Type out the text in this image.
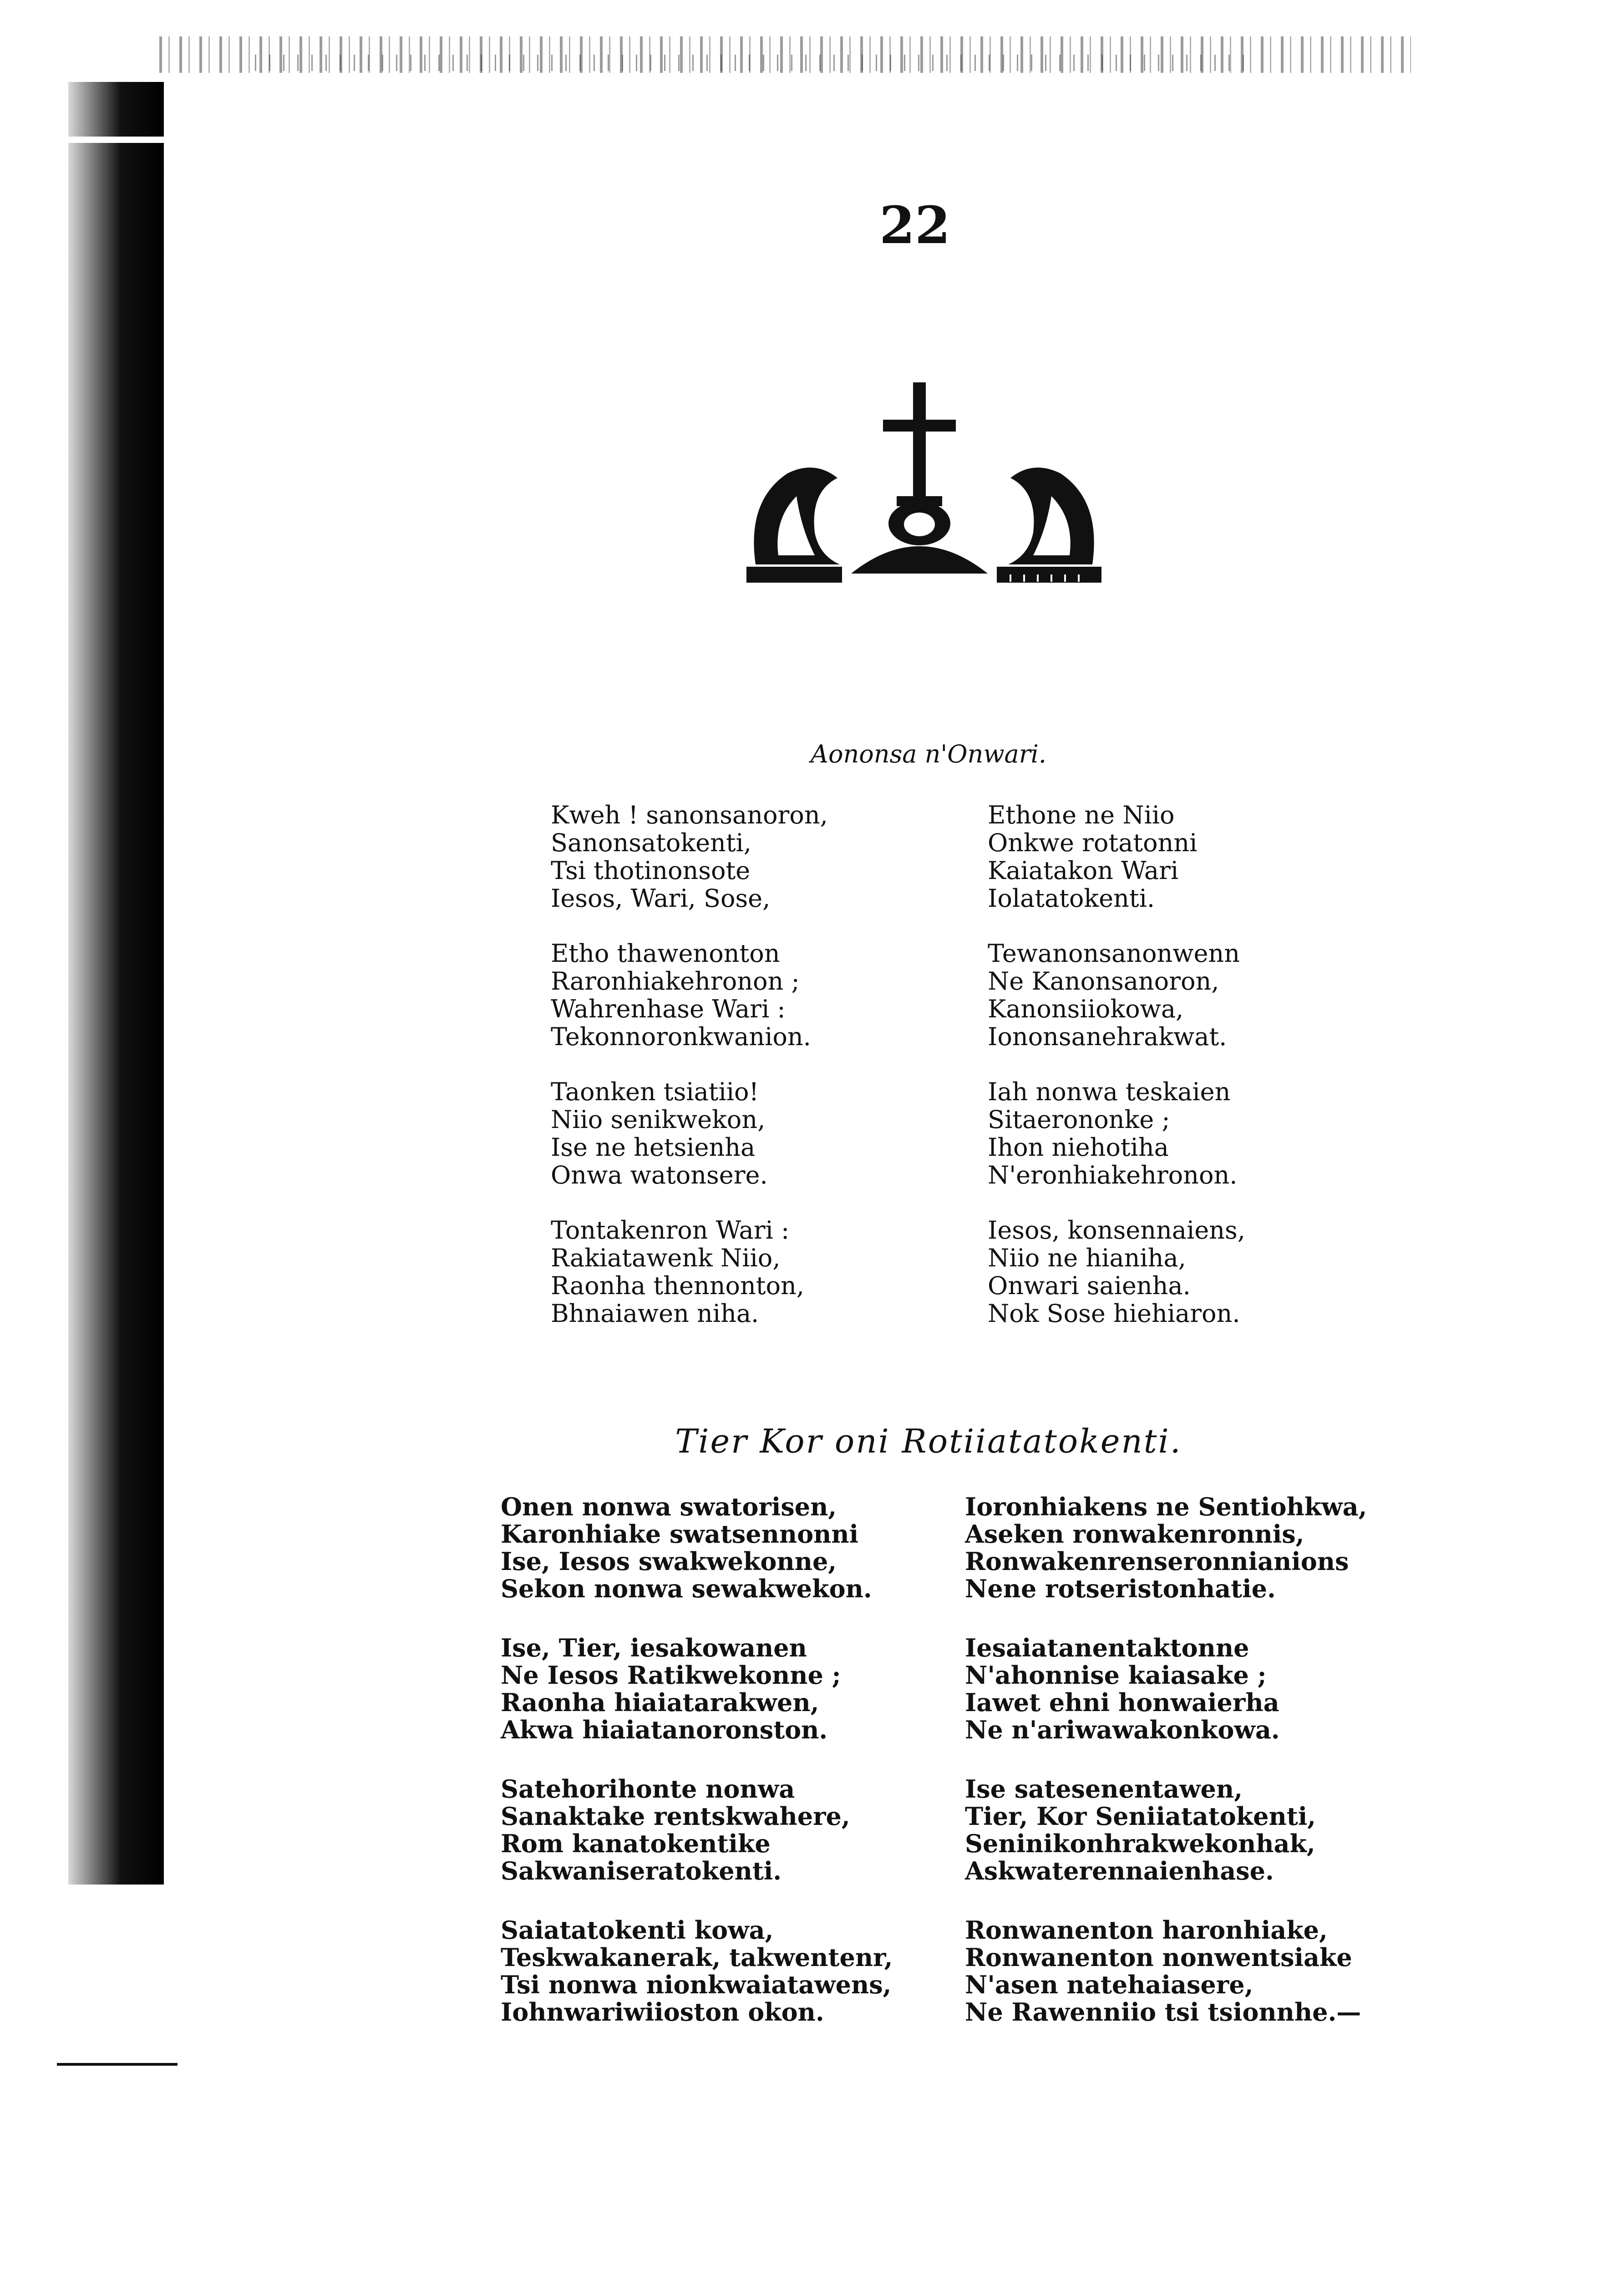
22
Aononsa n'Onwari.
Kweh ! sanonsanoron,
Sanonsatokenti,
Tsi thotinonsote
Iesos, Wari, Sose,
Etho thawenonton
Raronhiakehronon ;
Wahrenhase Wari :
Tekonnoronkwanion.
Taonken tsiatiio!
Niio senikwekon,
Ise ne hetsienha
Onwa watonsere.
Tontakenron Wari :
Rakiatawenk Niio,
Raonha thennonton,
Bhnaiawen niha.
Ethone ne Niio
Onkwe rotatonni
Kaiatakon Wari
Iolatatokenti.
Tewanonsanonwenn
Ne Kanonsanoron,
Kanonsiiokowa,
Iononsanehrakwat.
Iah nonwa teskaien
Sitaerononke ;
Ihon niehotiha
N'eronhiakehronon.
Iesos, konsennaiens,
Niio ne hianiha,
Onwari saienha.
Nok Sose hiehiaron.
Tier Kor oni Rotiiatatokenti.
Onen nonwa swatorisen,
Karonhiake swatsennonni
Ise, Iesos swakwekonne,
Sekon nonwa sewakwekon.
Ise, Tier, iesakowanen
Ne Iesos Ratikwekonne ;
Raonha hiaiatarakwen,
Akwa hiaiatanoronston.
Satehorihonte nonwa
Sanaktake rentskwahere,
Rom kanatokentike
Sakwaniseratokenti.
Saiatatokenti kowa,
Teskwakanerak, takwentenr,
Tsi nonwa nionkwaiatawens,
Iohnwariwiioston okon.
Ioronhiakens ne Sentiohkwa,
Aseken ronwakenronnis,
Ronwakenrenseronnianions
Nene rotseristonhatie.
Iesaiatanentaktonne
N'ahonnise kaiasake ;
Iawet ehni honwaierha
Ne n'ariwawakonkowa.
Ise satesenentawen,
Tier, Kor Seniiatatokenti,
Seninikonhrakwekonhak,
Askwaterennaienhase.
Ronwanenton haronhiake,
Ronwanenton nonwentsiake
N'asen natehaiasere,
Ne Rawenniio tsi tsionnhe.—
